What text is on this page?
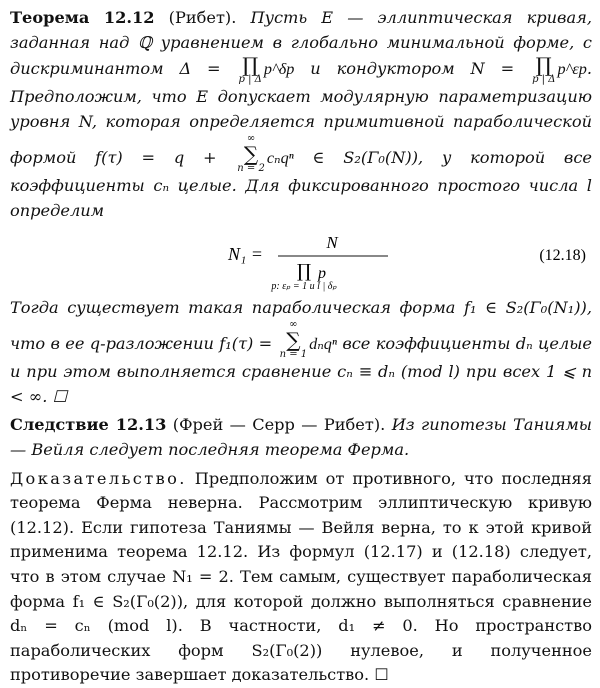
Теорема 12.12 (Рибет). Пусть E — эллиптическая кривая, заданная над ℚ уравнением в глобально минимальной форме, с дискриминантом Δ = ∏
p | Δ
p^δp и кондуктором N = ∏
p | Δ
p^εp. Предположим, что E допускает модулярную параметризацию уровня N, которая определяется примитивной параболической формой f(τ) = q +
∞
∑
n = 2
cₙqⁿ ∈ S₂(Γ₀(N)), у которой все коэффициенты cₙ целые. Для фиксированного простого числа l определим

N₁ =
N
∏ p
p: εₚ = 1 и l | δₚ
(12.18)

Тогда существует такая параболическая форма f₁ ∈ S₂(Γ₀(N₁)), что в ее q-разложении f₁(τ) =
∞
∑
n = 1
dₙqⁿ все коэффициенты dₙ целые и при этом выполняется сравнение cₙ ≡ dₙ (mod l) при всех 1 ⩽ n < ∞. ☐

Следствие 12.13 (Фрей — Серр — Рибет). Из гипотезы Таниямы — Вейля следует последняя теорема Ферма.

Доказательство. Предположим от противного, что последняя теорема Ферма неверна. Рассмотрим эллиптическую кривую (12.12). Если гипотеза Таниямы — Вейля верна, то к этой кривой применима теорема 12.12. Из формул (12.17) и (12.18) следует, что в этом случае N₁ = 2. Тем самым, существует параболическая форма f₁ ∈ S₂(Γ₀(2)), для которой должно выполняться сравнение dₙ = cₙ (mod l). В частности, d₁ ≠ 0. Но пространство параболических форм S₂(Γ₀(2)) нулевое, и полученное противоречие завершает доказательство. ☐
